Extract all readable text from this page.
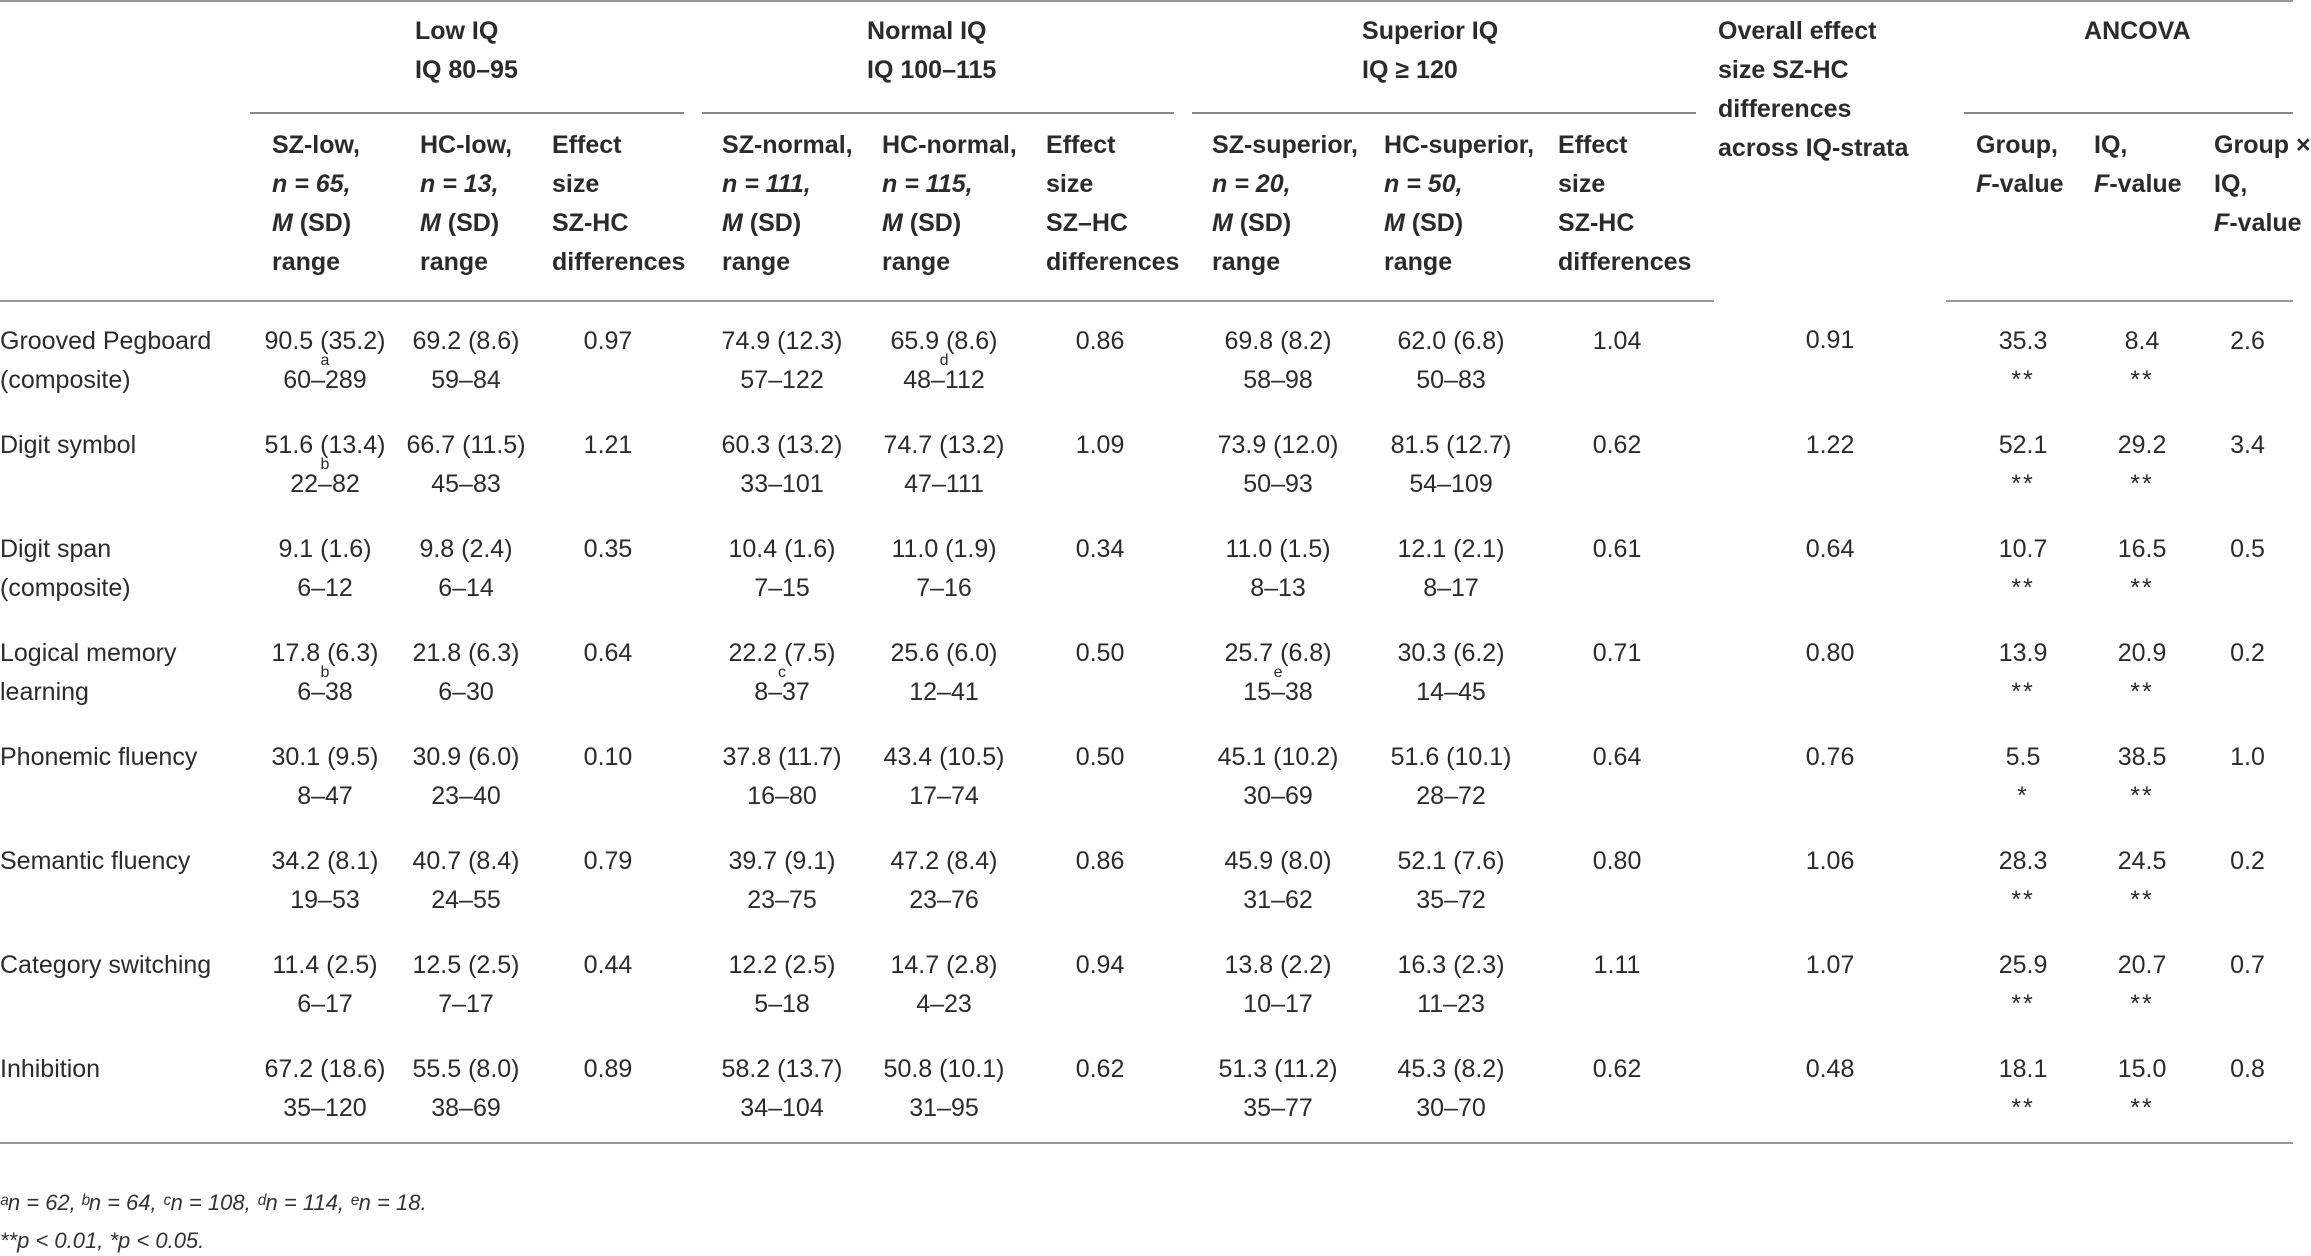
	Low IQ
IQ 80–95				Normal IQ
IQ 100–115				Superior IQ
IQ ≥ 120				Overall effect
size SZ-HC
differences
across IQ-strata		ANCOVA		

	SZ-low,
n = 65,
M (SD)
range	HC-low,
n = 13,
M (SD)
range	Effect
size
SZ-HC
differences		SZ-normal,
n = 111,
M (SD)
range	HC-normal,
n = 115,
M (SD)
range	Effect
size
SZ–HC
differences		SZ-superior,
n = 20,
M (SD)
range	HC-superior,
n = 50,
M (SD)
range	Effect
size
SZ-HC
differences				Group,
F-value	IQ,
F-value	Group ×
IQ,
F-value

Grooved Pegboard
(composite)	90.5 (35.2)
a
60–289	69.2 (8.6)
59–84	0.97		74.9 (12.3)
57–122	65.9 (8.6)
d
48–112	0.86		69.8 (8.2)
58–98	62.0 (6.8)
50–83	1.04		0.91		35.3
**	8.4
**	2.6

Digit symbol	51.6 (13.4)
b
22–82	66.7 (11.5)
45–83	1.21		60.3 (13.2)
33–101	74.7 (13.2)
47–111	1.09		73.9 (12.0)
50–93	81.5 (12.7)
54–109	0.62		1.22		52.1
**	29.2
**	3.4

Digit span
(composite)	9.1 (1.6)
6–12	9.8 (2.4)
6–14	0.35		10.4 (1.6)
7–15	11.0 (1.9)
7–16	0.34		11.0 (1.5)
8–13	12.1 (2.1)
8–17	0.61		0.64		10.7
**	16.5
**	0.5

Logical memory
learning	17.8 (6.3)
b
6–38	21.8 (6.3)
6–30	0.64		22.2 (7.5)
c
8–37	25.6 (6.0)
12–41	0.50		25.7 (6.8)
e
15–38	30.3 (6.2)
14–45	0.71		0.80		13.9
**	20.9
**	0.2

Phonemic fluency	30.1 (9.5)
8–47	30.9 (6.0)
23–40	0.10		37.8 (11.7)
16–80	43.4 (10.5)
17–74	0.50		45.1 (10.2)
30–69	51.6 (10.1)
28–72	0.64		0.76		5.5
*	38.5
**	1.0

Semantic fluency	34.2 (8.1)
19–53	40.7 (8.4)
24–55	0.79		39.7 (9.1)
23–75	47.2 (8.4)
23–76	0.86		45.9 (8.0)
31–62	52.1 (7.6)
35–72	0.80		1.06		28.3
**	24.5
**	0.2

Category switching	11.4 (2.5)
6–17	12.5 (2.5)
7–17	0.44		12.2 (2.5)
5–18	14.7 (2.8)
4–23	0.94		13.8 (2.2)
10–17	16.3 (2.3)
11–23	1.11		1.07		25.9
**	20.7
**	0.7

Inhibition	67.2 (18.6)
35–120	55.5 (8.0)
38–69	0.89		58.2 (13.7)
34–104	50.8 (10.1)
31–95	0.62		51.3 (11.2)
35–77	45.3 (8.2)
30–70	0.62		0.48		18.1
**	15.0
**	0.8
ᵃn = 62, ᵇn = 64, ᶜn = 108, ᵈn = 114, ᵉn = 18.
**p < 0.01, *p < 0.05.
